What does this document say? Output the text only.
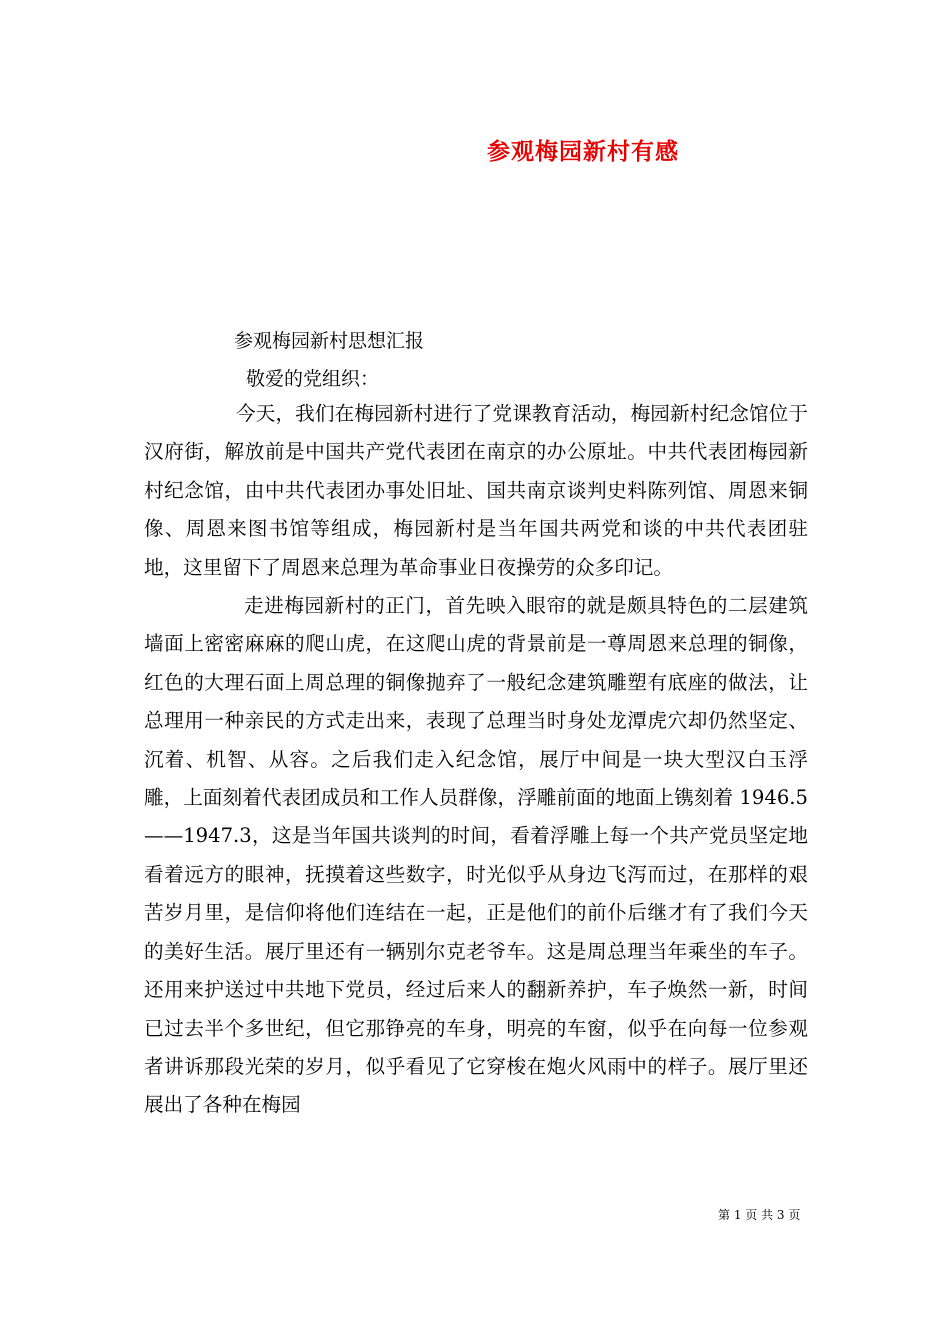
参观梅园新村有感
参观梅园新村思想汇报
敬爱的党组织：

今天，我们在梅园新村进行了党课教育活动，梅园新村纪念馆位于汉府街，解放前是中国共产党代表团在南京的办公原址。中共代表团梅园新村纪念馆，由中共代表团办事处旧址、国共南京谈判史料陈列馆、周恩来铜像、周恩来图书馆等组成，梅园新村是当年国共两党和谈的中共代表团驻地，这里留下了周恩来总理为革命事业日夜操劳的众多印记。

走进梅园新村的正门，首先映入眼帘的就是颇具特色的二层建筑墙面上密密麻麻的爬山虎，在这爬山虎的背景前是一尊周恩来总理的铜像，红色的大理石面上周总理的铜像抛弃了一般纪念建筑雕塑有底座的做法，让总理用一种亲民的方式走出来，表现了总理当时身处龙潭虎穴却仍然坚定、沉着、机智、从容。之后我们走入纪念馆，展厅中间是一块大型汉白玉浮雕，上面刻着代表团成员和工作人员群像，浮雕前面的地面上镌刻着 1946.5——1947.3，这是当年国共谈判的时间，看着浮雕上每一个共产党员坚定地看着远方的眼神，抚摸着这些数字，时光似乎从身边飞泻而过，在那样的艰苦岁月里，是信仰将他们连结在一起，正是他们的前仆后继才有了我们今天的美好生活。展厅里还有一辆别尔克老爷车。这是周总理当年乘坐的车子。还用来护送过中共地下党员，经过后来人的翻新养护，车子焕然一新，时间已过去半个多世纪，但它那铮亮的车身，明亮的车窗，似乎在向每一位参观者讲诉那段光荣的岁月，似乎看见了它穿梭在炮火风雨中的样子。展厅里还展出了各种在梅园

第 1 页 共 3 页
